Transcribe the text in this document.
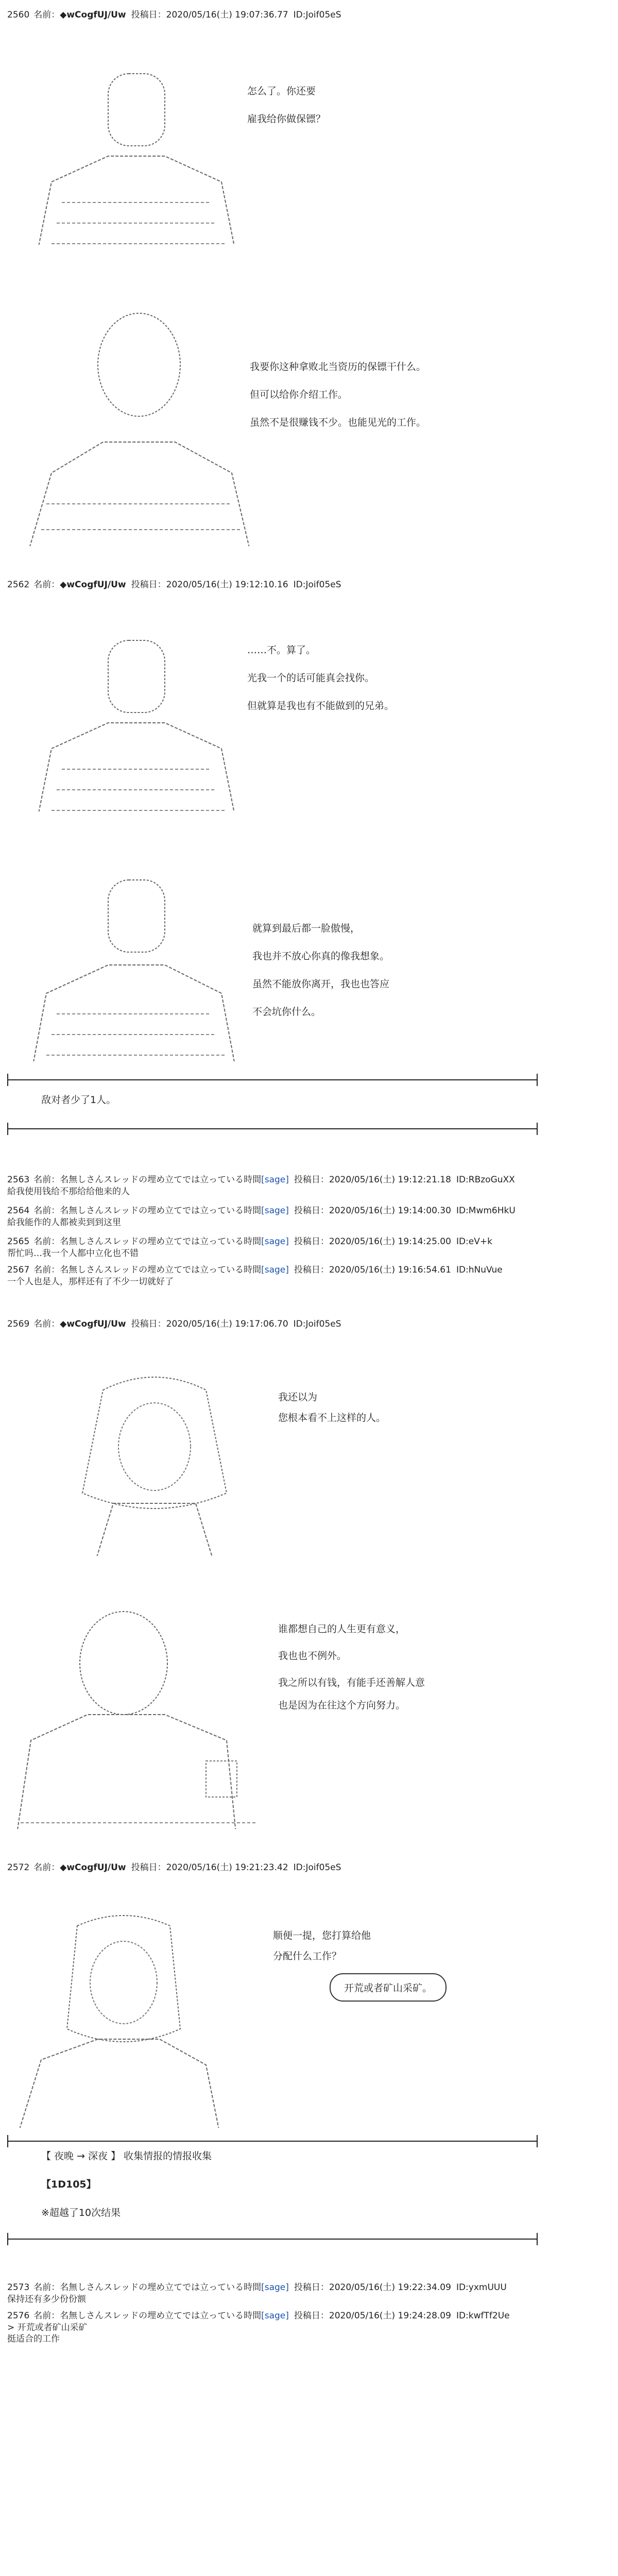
2560 名前：◆wCogfUJ/Uw 投稿日：2020/05/16(土) 19:07:36.77 ID:Joif05eS

怎么了。你还要
雇我给你做保镖？

我要你这种拿败北当资历的保镖干什么。
但可以给你介绍工作。
虽然不是很赚钱不少。也能见光的工作。
2562 名前：◆wCogfUJ/Uw 投稿日：2020/05/16(土) 19:12:10.16 ID:Joif05eS

……不。算了。
光我一个的话可能真会找你。
但就算是我也有不能做到的兄弟。

就算到最后都一脸傲慢，
我也并不放心你真的像我想象。
虽然不能放你离开，我也也答应
不会坑你什么。
敌对者少了1人。
2563 名前：名無しさんスレッドの埋め立てでは立っている時間[sage] 投稿日：2020/05/16(土) 19:12:21.18 ID:RBzoGuXX
給我使用钱给不那给给他来的人
2564 名前：名無しさんスレッドの埋め立てでは立っている時間[sage] 投稿日：2020/05/16(土) 19:14:00.30 ID:Mwm6HkU
給我能作的人都被卖到到这里
2565 名前：名無しさんスレッドの埋め立てでは立っている時間[sage] 投稿日：2020/05/16(土) 19:14:25.00 ID:eV+k
帮忙吗…我一个人都中立化也不错
2567 名前：名無しさんスレッドの埋め立てでは立っている時間[sage] 投稿日：2020/05/16(土) 19:16:54.61 ID:hNuVue
一个人也是人，那样还有了不少一切就好了
2569 名前：◆wCogfUJ/Uw 投稿日：2020/05/16(土) 19:17:06.70 ID:Joif05eS

我还以为
您根本看不上这样的人。

谁都想自己的人生更有意义，
我也也不例外。
我之所以有钱，有能手还善解人意
也是因为在往这个方向努力。
2572 名前：◆wCogfUJ/Uw 投稿日：2020/05/16(土) 19:21:23.42 ID:Joif05eS

顺便一提，您打算给他
分配什么工作？
开荒或者矿山采矿。
【 夜晚 → 深夜 】 收集情报的情报收集
【1D105】
※超越了10次结果
2573 名前：名無しさんスレッドの埋め立てでは立っている時間[sage] 投稿日：2020/05/16(土) 19:22:34.09 ID:yxmUUU
保持还有多少份份额
2576 名前：名無しさんスレッドの埋め立てでは立っている時間[sage] 投稿日：2020/05/16(土) 19:24:28.09 ID:kwfTf2Ue
> 开荒或者矿山采矿
挺适合的工作
